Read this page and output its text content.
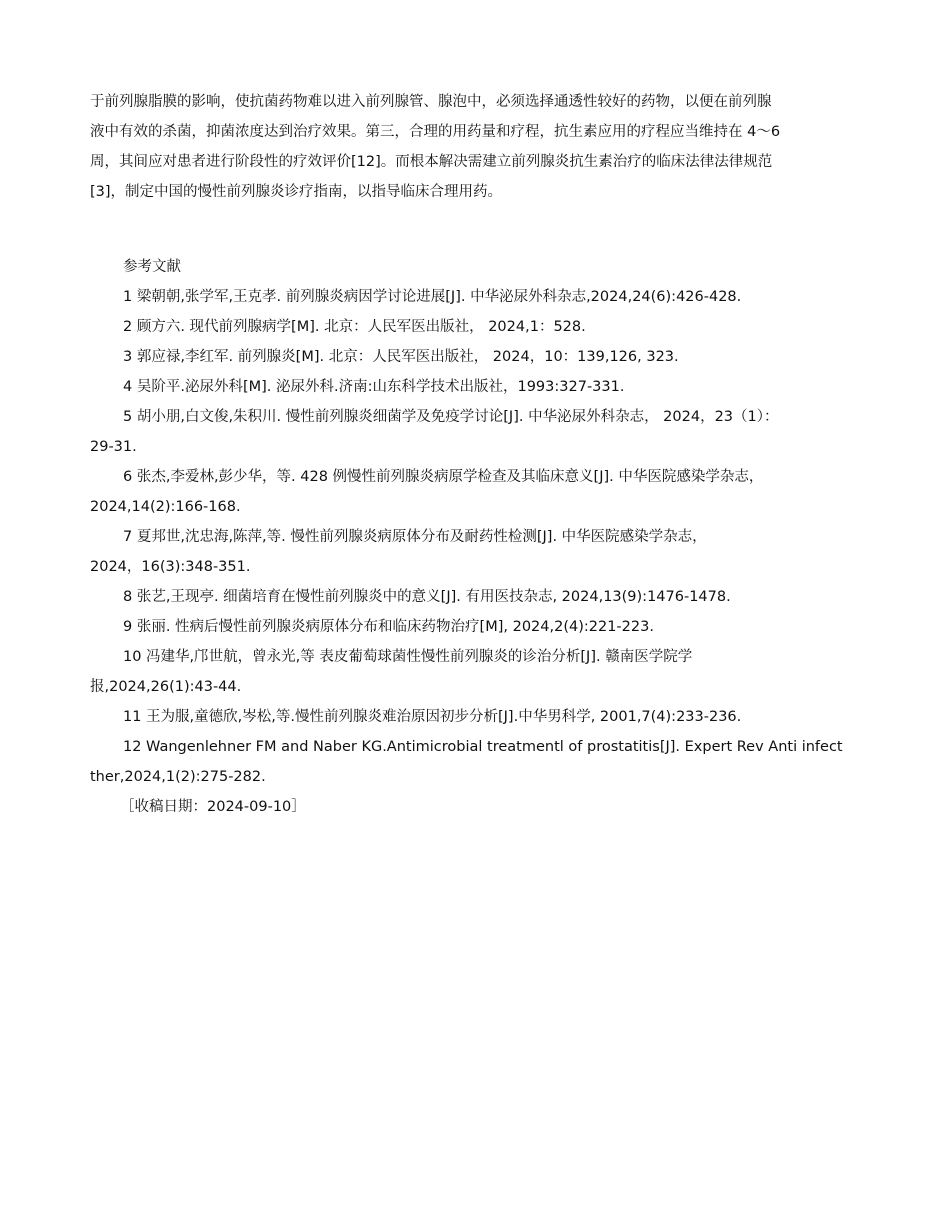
于前列腺脂膜的影响，使抗菌药物难以进入前列腺管、腺泡中，必须选择通透性较好的药物，以便在前列腺
液中有效的杀菌，抑菌浓度达到治疗效果。第三，合理的用药量和疗程，抗生素应用的疗程应当维持在 4～6
周，其间应对患者进行阶段性的疗效评价[12]。而根本解决需建立前列腺炎抗生素治疗的临床法律法律规范
[3]，制定中国的慢性前列腺炎诊疗指南，以指导临床合理用药。
参考文献
1 梁朝朝,张学军,王克孝. 前列腺炎病因学讨论进展[J]. 中华泌尿外科杂志,2024,24(6):426-428.
2 顾方六. 现代前列腺病学[M]. 北京：人民军医出版社， 2024,1：528.
3 郭应禄,李红军. 前列腺炎[M]. 北京：人民军医出版社， 2024，10：139,126, 323.
4 吴阶平.泌尿外科[M]. 泌尿外科.济南:山东科学技术出版社，1993:327-331.
5 胡小朋,白文俊,朱积川. 慢性前列腺炎细菌学及免疫学讨论[J]. 中华泌尿外科杂志， 2024，23（1）：
29-31.
6 张杰,李爱林,彭少华，等. 428 例慢性前列腺炎病原学检查及其临床意义[J]. 中华医院感染学杂志，
2024,14(2):166-168.
7 夏邦世,沈忠海,陈萍,等. 慢性前列腺炎病原体分布及耐药性检测[J]. 中华医院感染学杂志，
2024，16(3):348-351.
8 张艺,王现亭. 细菌培育在慢性前列腺炎中的意义[J]. 有用医技杂志, 2024,13(9):1476-1478.
9 张丽. 性病后慢性前列腺炎病原体分布和临床药物治疗[M], 2024,2(4):221-223.
10 冯建华,邝世航，曾永光,等 表皮葡萄球菌性慢性前列腺炎的诊治分析[J]. 赣南医学院学
报,2024,26(1):43-44.
11 王为服,童德欣,岑松,等.慢性前列腺炎难治原因初步分析[J].中华男科学, 2001,7(4):233-236.
12 Wangenlehner FM and Naber KG.Antimicrobial treatmentl of prostatitis[J]. Expert Rev Anti infect
ther,2024,1(2):275-282.
［收稿日期：2024-09-10］
